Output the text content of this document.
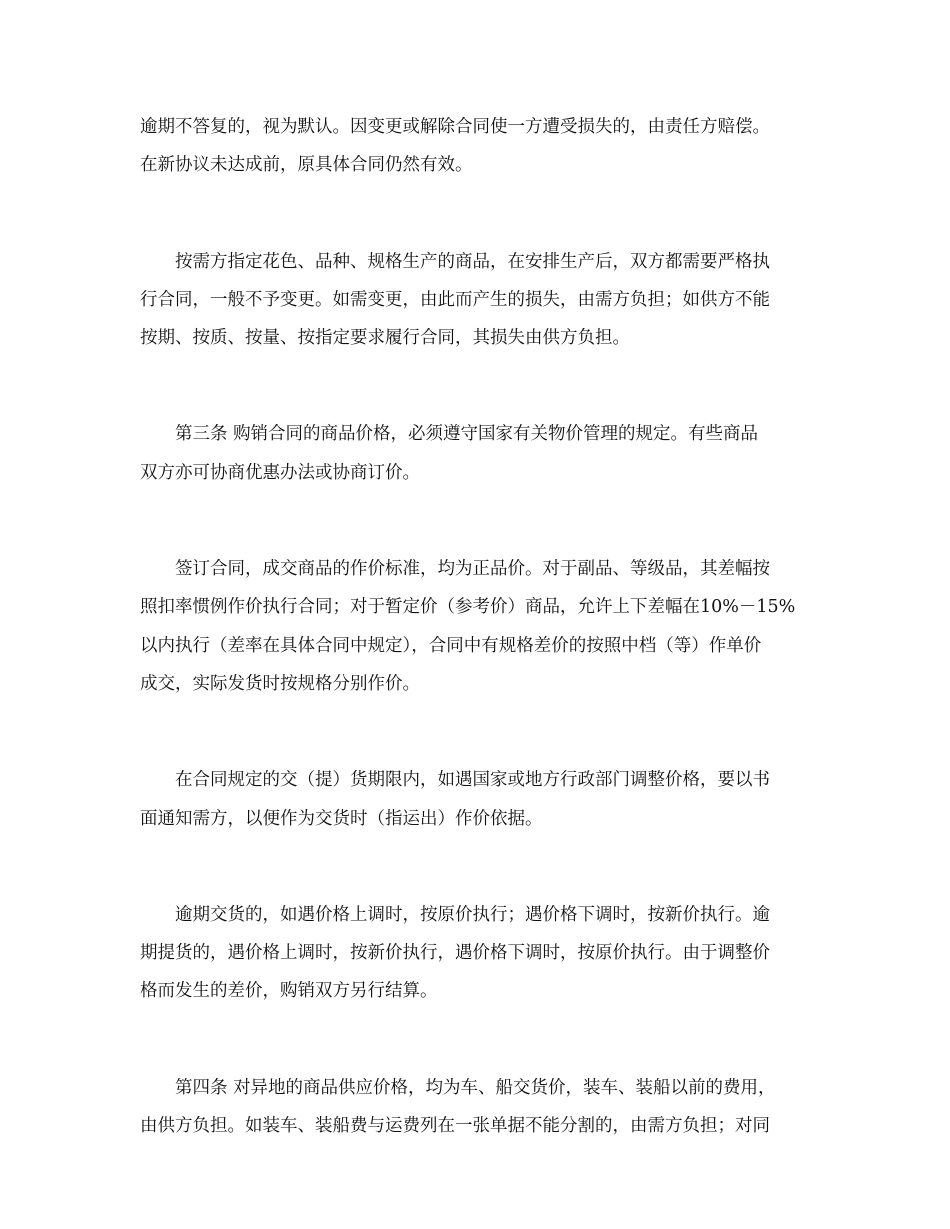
逾期不答复的，视为默认。因变更或解除合同使一方遭受损失的，由责任方赔偿。
在新协议未达成前，原具体合同仍然有效。

按需方指定花色、品种、规格生产的商品，在安排生产后，双方都需要严格执
行合同，一般不予变更。如需变更，由此而产生的损失，由需方负担；如供方不能
按期、按质、按量、按指定要求履行合同，其损失由供方负担。

第三条 购销合同的商品价格，必须遵守国家有关物价管理的规定。有些商品
双方亦可协商优惠办法或协商订价。

签订合同，成交商品的作价标准，均为正品价。对于副品、等级品，其差幅按
照扣率惯例作价执行合同；对于暂定价（参考价）商品，允许上下差幅在10%－15%
以内执行（差率在具体合同中规定），合同中有规格差价的按照中档（等）作单价
成交，实际发货时按规格分别作价。

在合同规定的交（提）货期限内，如遇国家或地方行政部门调整价格，要以书
面通知需方，以便作为交货时（指运出）作价依据。

逾期交货的，如遇价格上调时，按原价执行；遇价格下调时，按新价执行。逾
期提货的，遇价格上调时，按新价执行，遇价格下调时，按原价执行。由于调整价
格而发生的差价，购销双方另行结算。

第四条 对异地的商品供应价格，均为车、船交货价，装车、装船以前的费用，
由供方负担。如装车、装船费与运费列在一张单据不能分割的，由需方负担；对同
